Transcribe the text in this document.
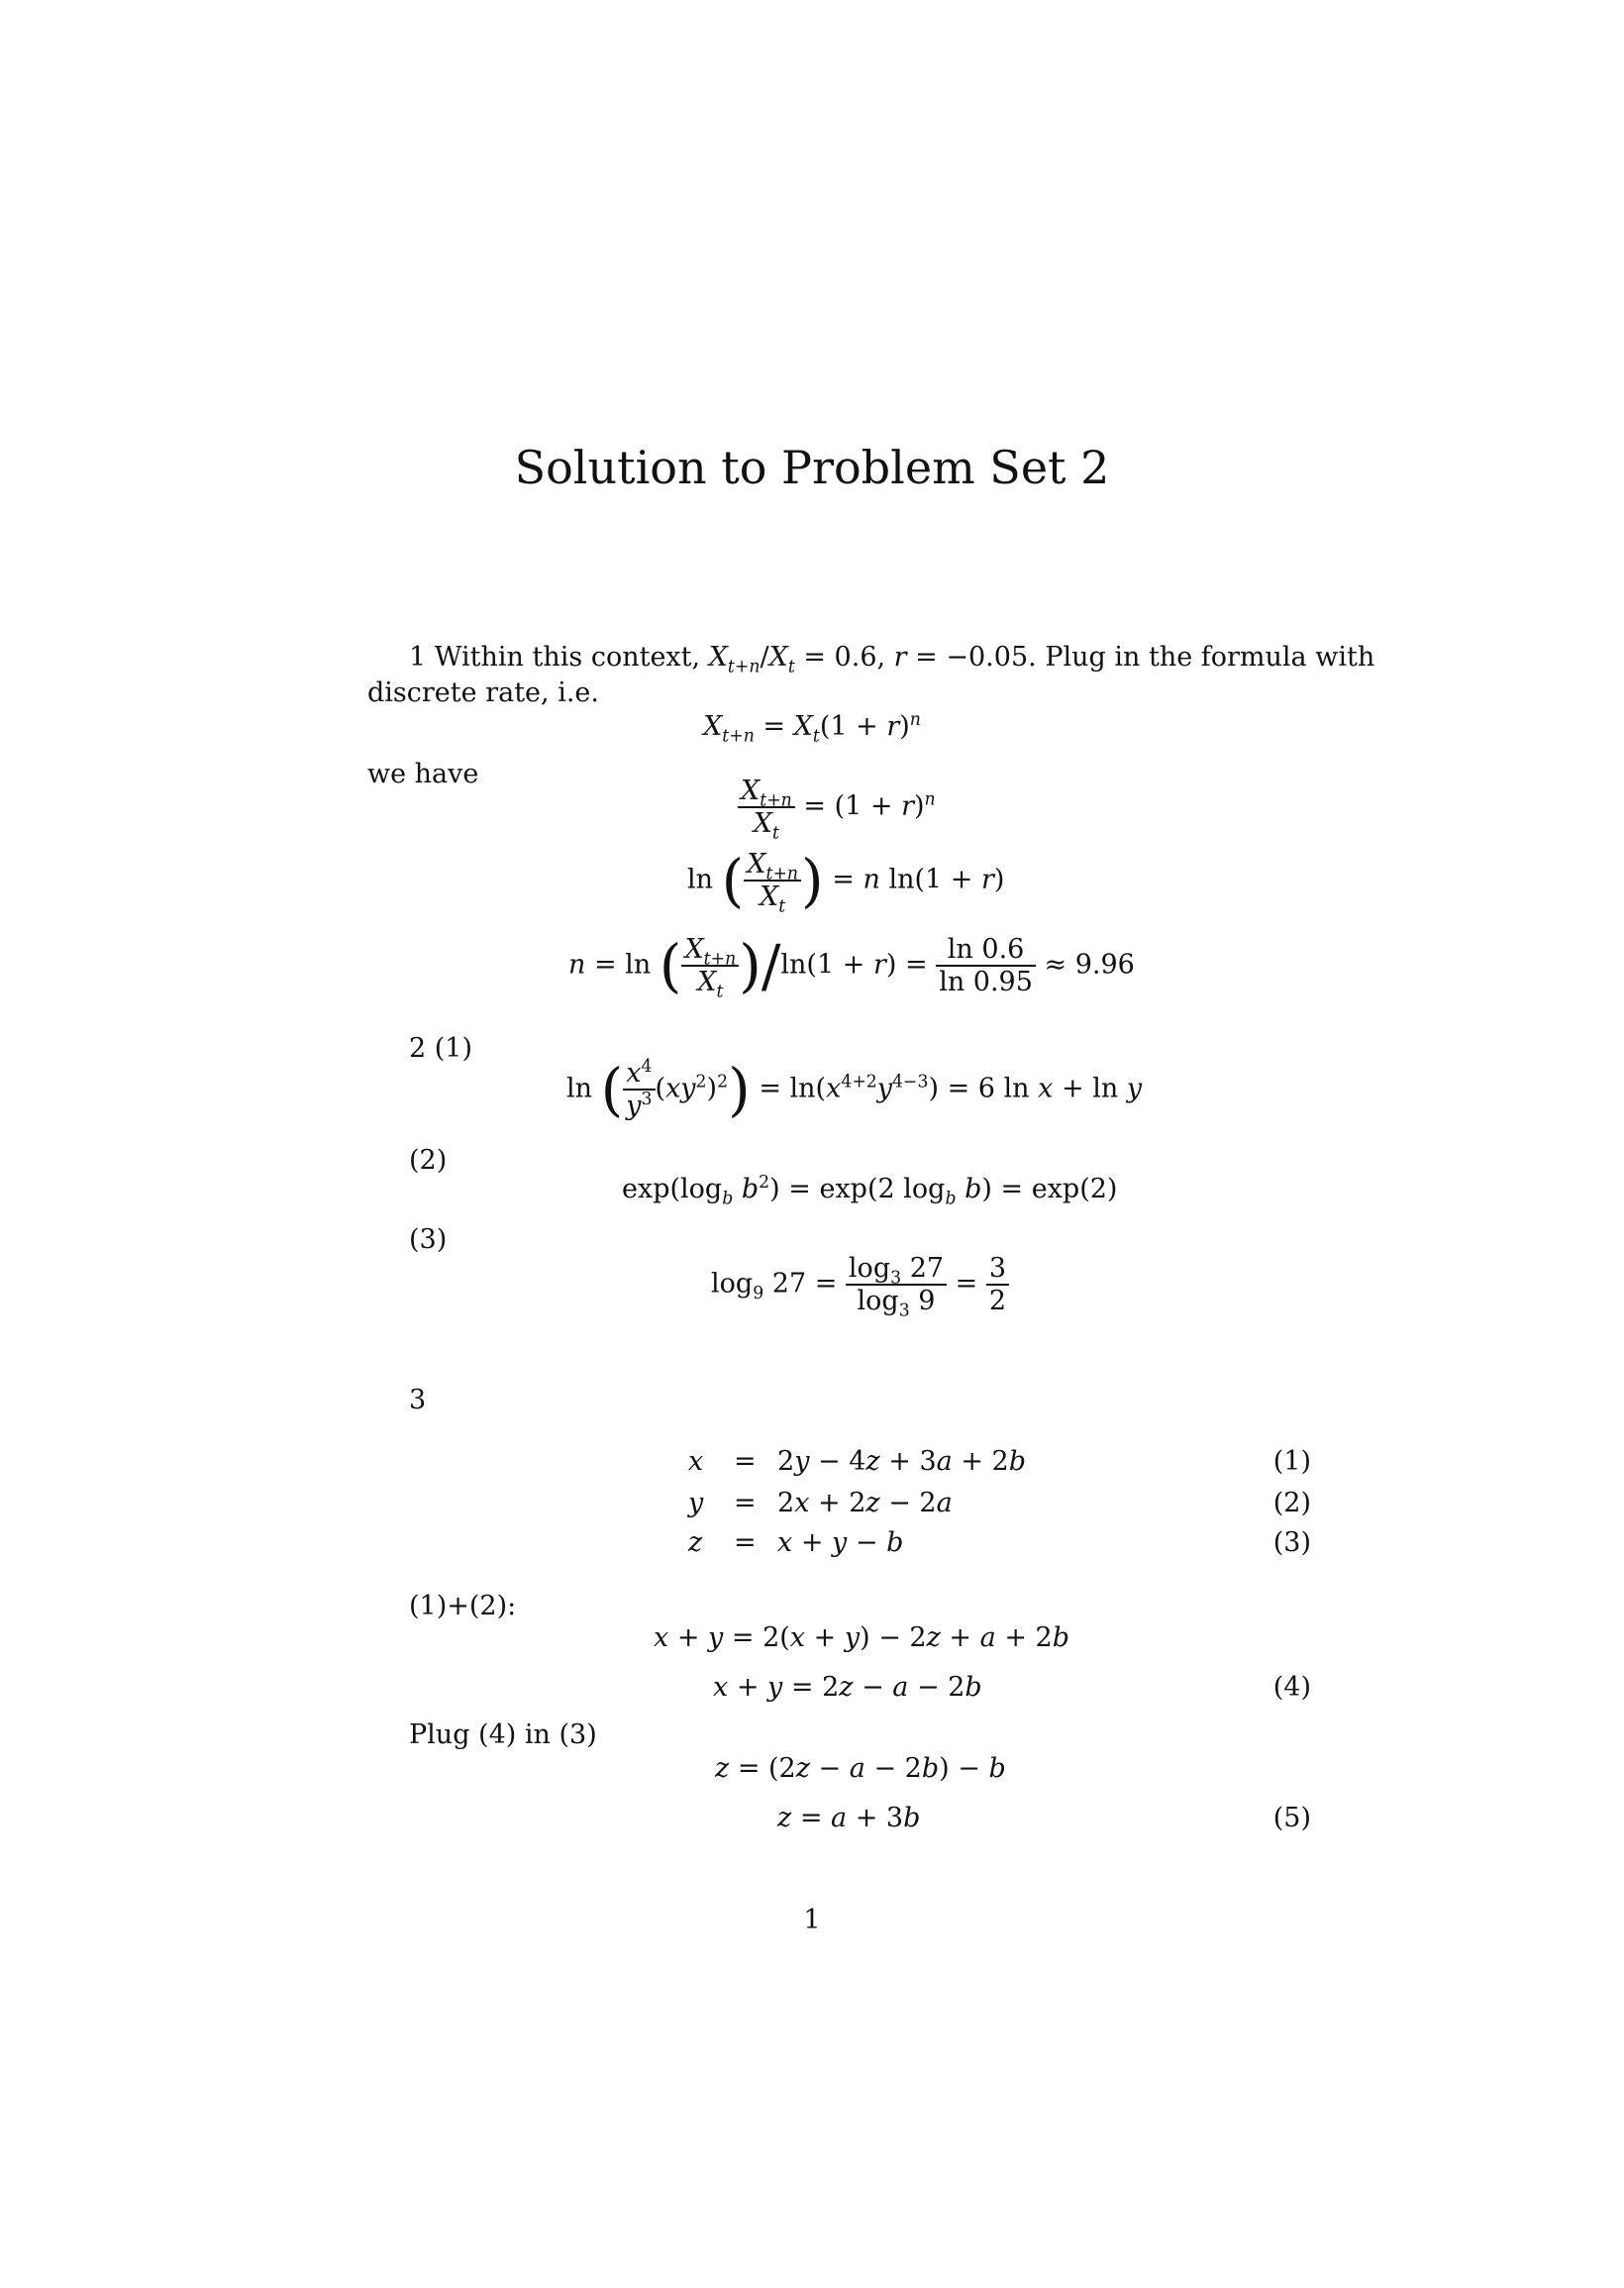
Solution to Problem Set 2
1 Within this context, $X_{t+n}/X_t = 0.6$, r = −0.05. Plug in the formula with
discrete rate, i.e.
$X_{t+n} = X_t(1 + r)^n$
we have
$\frac{X_{t+n}}{X_t} = (1 + r)^n$
ln ( $\frac{X_{t+n}}{X_t}$ ) = n ln(1 + r)
n = ln ( $\frac{X_{t+n}}{X_t} )/\ln(1 + r) = \frac{\ln 0.6}{\ln 0.95} \approx 9.96$
2 (1)
ln ( $\frac{x^4}{y^3} (xy^2)^2) = \ln(x^{4+2}y^{4-3}) = 6$ ln x + ln y
(2)
$\exp(\log_b$ $b^2) = \exp(2$ $\log_b b) = \exp(2)$
(3)
$\log_9 27 = \frac{\log_3 27}{\log_3 9} = \frac{3}{2}$
3
x = 2y − 4z + 3a + 2b	(1)
y = 2x + 2z − 2a	(2)
z = x + y − b	(3)
(1)+(2):
x + y = 2(x + y) − 2z + a + 2b
x + y = 2z − a − 2b	(4)
Plug (4) in (3)
z = (2z − a − 2b) − b
z = a + 3b	(5)
1
